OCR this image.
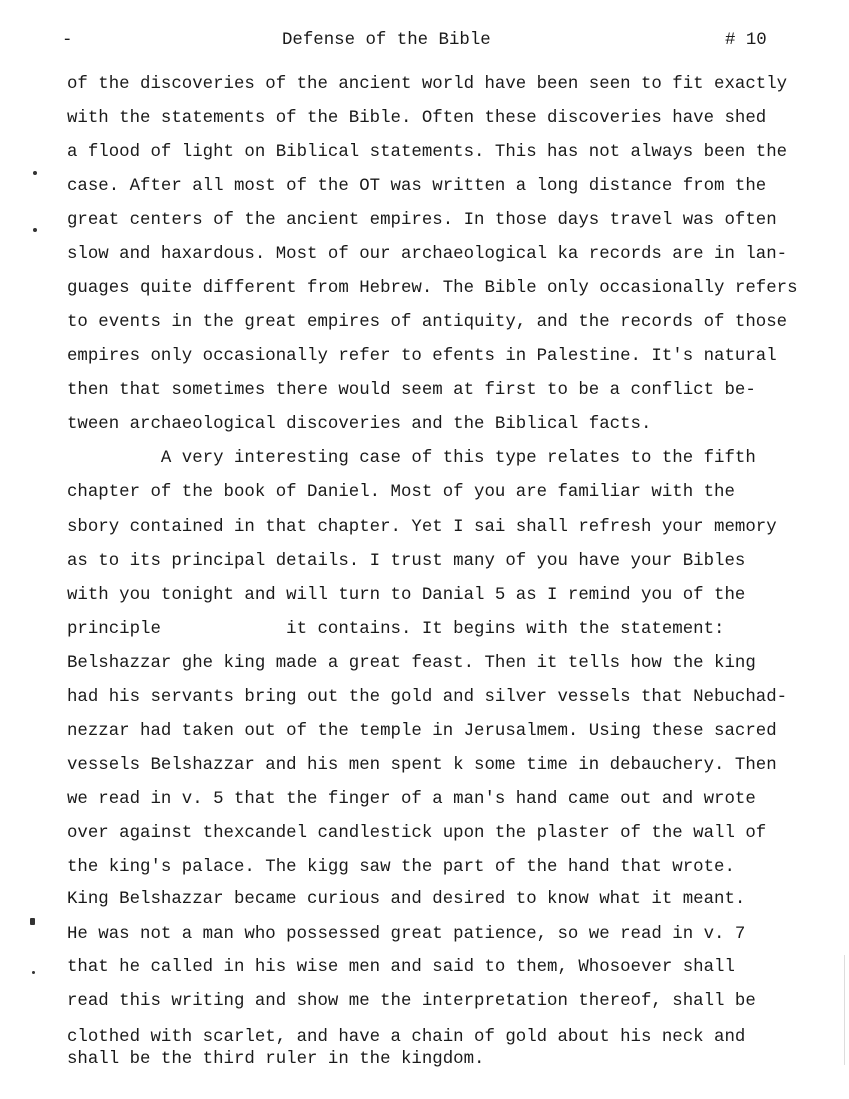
-	Defense of the Bible	# 10
of the discoveries of the ancient world have been seen to fit exactly
with the statements of the Bible. Often these discoveries have shed
a flood of light on Biblical statements. This has not always been the
case. After all most of the OT was written a long distance from the
great centers of the ancient empires. In those days travel was often
slow and haxardous. Most of our archaeological ka records are in lan-
guages quite different from Hebrew. The Bible only occasionally refers
to events in the great empires of antiquity, and the records of those
empires only occasionally refer to efents in Palestine. It's natural
then that sometimes there would seem at first to be a conflict be-
tween archaeological discoveries and the Biblical facts.
A very interesting case of this type relates to the fifth
chapter of the book of Daniel. Most of you are familiar with the
sbory contained in that chapter. Yet I sai shall refresh your memory
as to its principal details. I trust many of you have your Bibles
with you tonight and will turn to Danial 5 as I remind you of the
principle            it contains. It begins with the statement:
Belshazzar ghe king made a great feast. Then it tells how the king
had his servants bring out the gold and silver vessels that Nebuchad-
nezzar had taken out of the temple in Jerusalmem. Using these sacred
vessels Belshazzar and his men spent k some time in debauchery. Then
we read in v. 5 that the finger of a man's hand came out and wrote
over against thexcandel candlestick upon the plaster of the wall of
the king's palace. The kigg saw the part of the hand that wrote.
King Belshazzar became curious and desired to know what it meant.
He was not a man who possessed great patience, so we read in v. 7
that he called in his wise men and said to them, Whosoever shall
read this writing and show me the interpretation thereof, shall be
clothed with scarlet, and have a chain of gold about his neck and
shall be the third ruler in the kingdom.
